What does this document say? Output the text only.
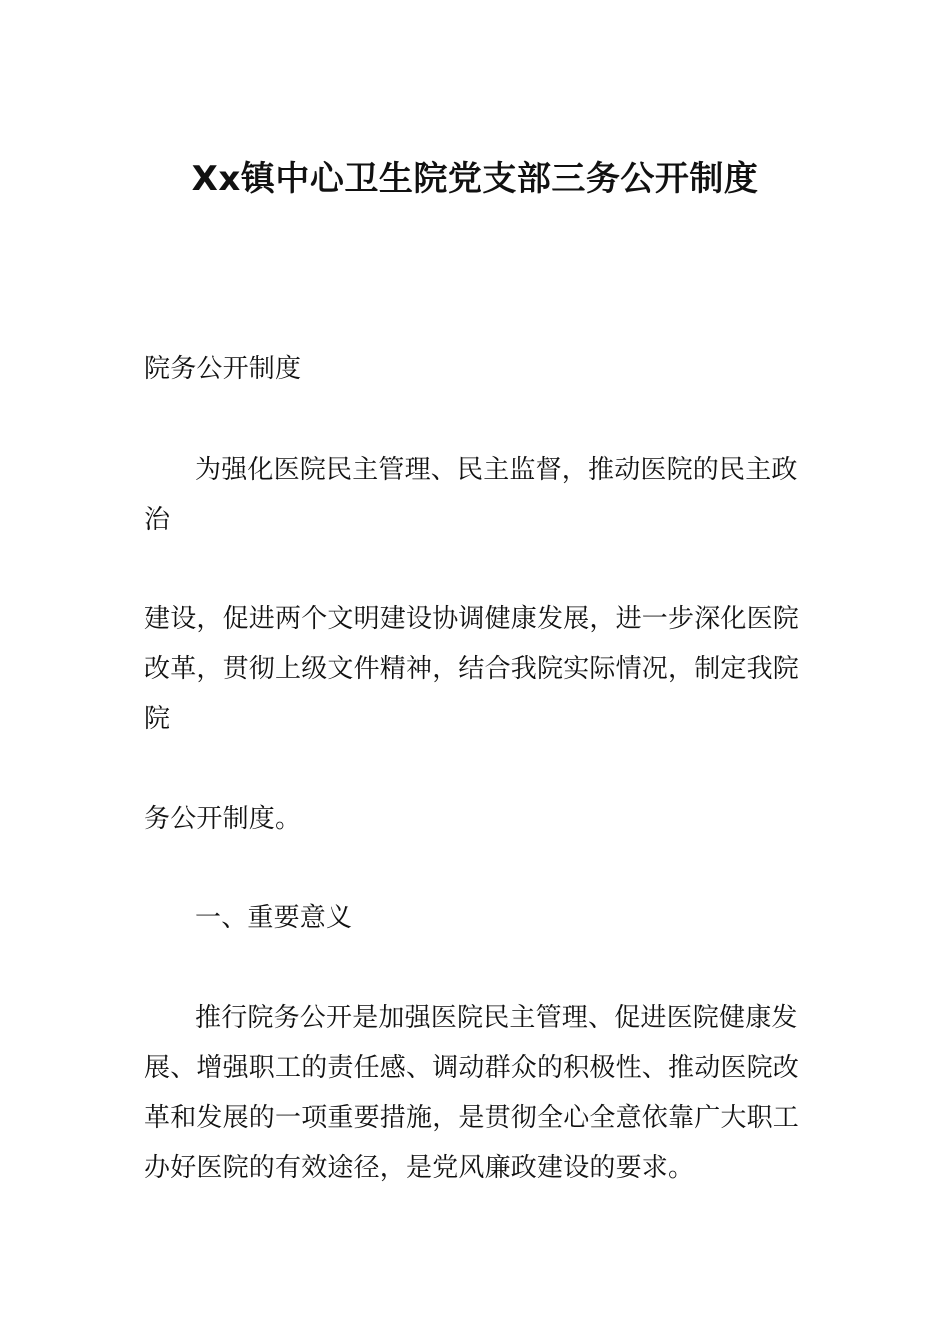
Xx镇中心卫生院党支部三务公开制度
院务公开制度
为强化医院民主管理、民主监督，推动医院的民主政
治
建设，促进两个文明建设协调健康发展，进一步深化医院
改革，贯彻上级文件精神，结合我院实际情况，制定我院
院
务公开制度。
一、重要意义
推行院务公开是加强医院民主管理、促进医院健康发
展、增强职工的责任感、调动群众的积极性、推动医院改
革和发展的一项重要措施，是贯彻全心全意依靠广大职工
办好医院的有效途径，是党风廉政建设的要求。
